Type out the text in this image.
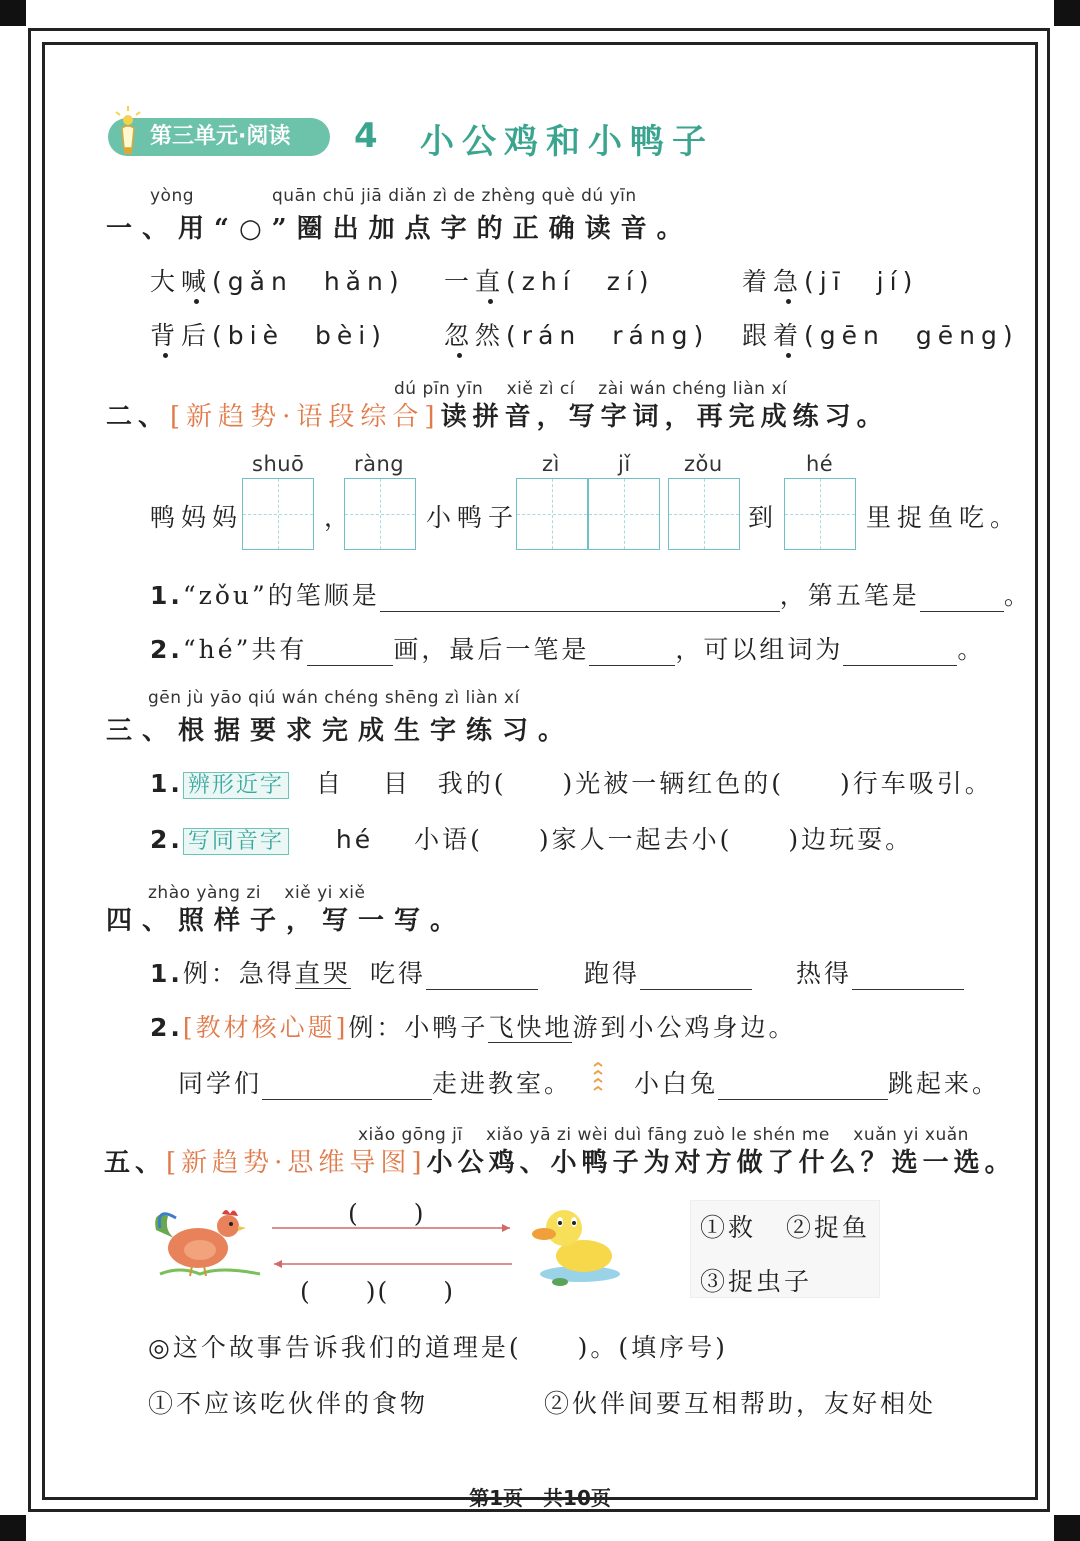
第三单元·阅读	4 小公鸡和小鸭子
yòng	quān chū jiā diǎn zì de zhèng què dú yīn
一、用“○”圈出加点字的正确读音。
大喊(gǎn　hǎn) 一直(zhí　zí)	着急(jī　jí)
背后(biè　bèi) 忽然(rán　ráng) 跟着(gēn　gēng)
dú pīn yīn　 xiě zì cí　 zài wán chéng liàn xí
二、[新趋势·语段综合]读拼音，写字词，再完成练习。
shuō ràng	zì	jǐ	zǒu	hé
鸭妈妈	，	小鸭子	到	里捉鱼吃。
1.“zǒu”的笔顺是	，第五笔是	。
2.“hé”共有	画，最后一笔是	，可以组词为	。
gēn jù yāo qiú wán chéng shēng zì liàn xí
三、根据要求完成生字练习。
1. 辨形近字 自　 目 我的(　　)光被一辆红色的(　　)行车吸引。
2. 写同音字 hé 小语(　　)家人一起去小(　　)边玩耍。
zhào yàng zi　 xiě yi xiě
四、照样子，写一写。
1.例：急得直哭 吃得	跑得	热得
2.[教材核心题]例：小鸭子飞快地游到小公鸡身边。
同学们	走进教室。 小白兔	跳起来。
xiǎo gōng jī　 xiǎo yā zi wèi duì fāng zuò le shén me　 xuǎn yi xuǎn
五、[新趋势·思维导图]小公鸡、小鸭子为对方做了什么？选一选。
(　　)
(　　)(　　)
①救 ②捉鱼
③捉虫子
◎这个故事告诉我们的道理是(　　)。(填序号)
①不应该吃伙伴的食物	②伙伴间要互相帮助，友好相处
第1页　共10页
